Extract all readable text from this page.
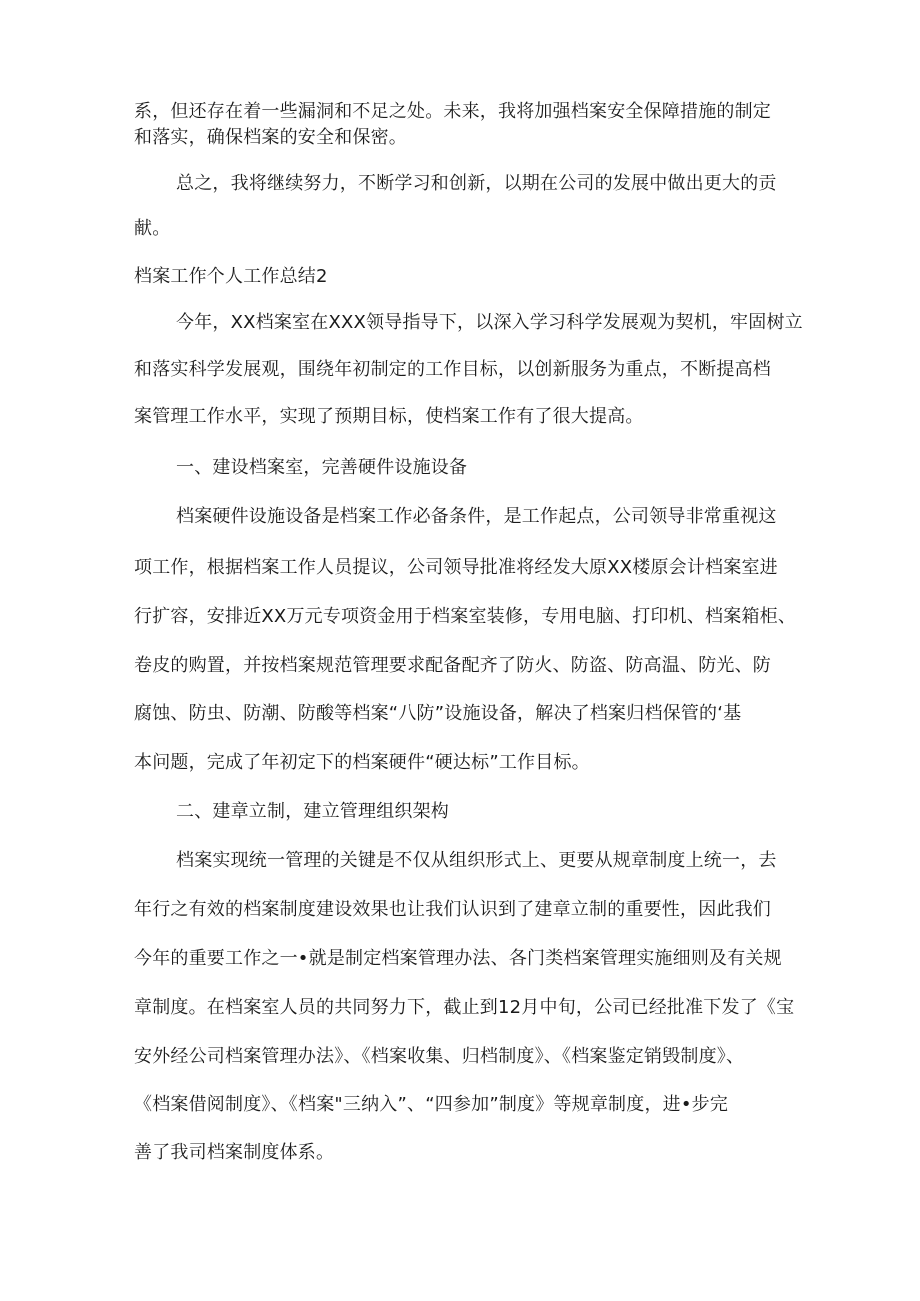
系，但还存在着一些漏洞和不足之处。未来，我将加强档案安全保障措施的制定
和落实，确保档案的安全和保密。
总之，我将继续努力，不断学习和创新，以期在公司的发展中做出更大的贡
献。
档案工作个人工作总结2
今年，XX档案室在XXX领导指导下，以深入学习科学发展观为契机，牢固树立
和落实科学发展观，围绕年初制定的工作目标，以创新服务为重点，不断提高档
案管理工作水平，实现了预期目标，使档案工作有了很大提高。
一、建设档案室，完善硬件设施设备
档案硬件设施设备是档案工作必备条件，是工作起点，公司领导非常重视这
项工作，根据档案工作人员提议，公司领导批准将经发大原XX楼原会计档案室进
行扩容，安排近XX万元专项资金用于档案室装修，专用电脑、打印机、档案箱柜、
卷皮的购置，并按档案规范管理要求配备配齐了防火、防盗、防高温、防光、防
腐蚀、防虫、防潮、防酸等档案“八防”设施设备，解决了档案归档保管的‘基
本问题，完成了年初定下的档案硬件“硬达标”工作目标。
二、建章立制，建立管理组织架构
档案实现统一管理的关键是不仅从组织形式上、更要从规章制度上统一，去
年行之有效的档案制度建设效果也让我们认识到了建章立制的重要性，因此我们
今年的重要工作之一•就是制定档案管理办法、各门类档案管理实施细则及有关规
章制度。在档案室人员的共同努力下，截止到12月中旬，公司已经批准下发了《宝
安外经公司档案管理办法》、《档案收集、归档制度》、《档案鉴定销毁制度》、
《档案借阅制度》、《档案"三纳入”、“四参加”制度》等规章制度，进•步完
善了我司档案制度体系。
